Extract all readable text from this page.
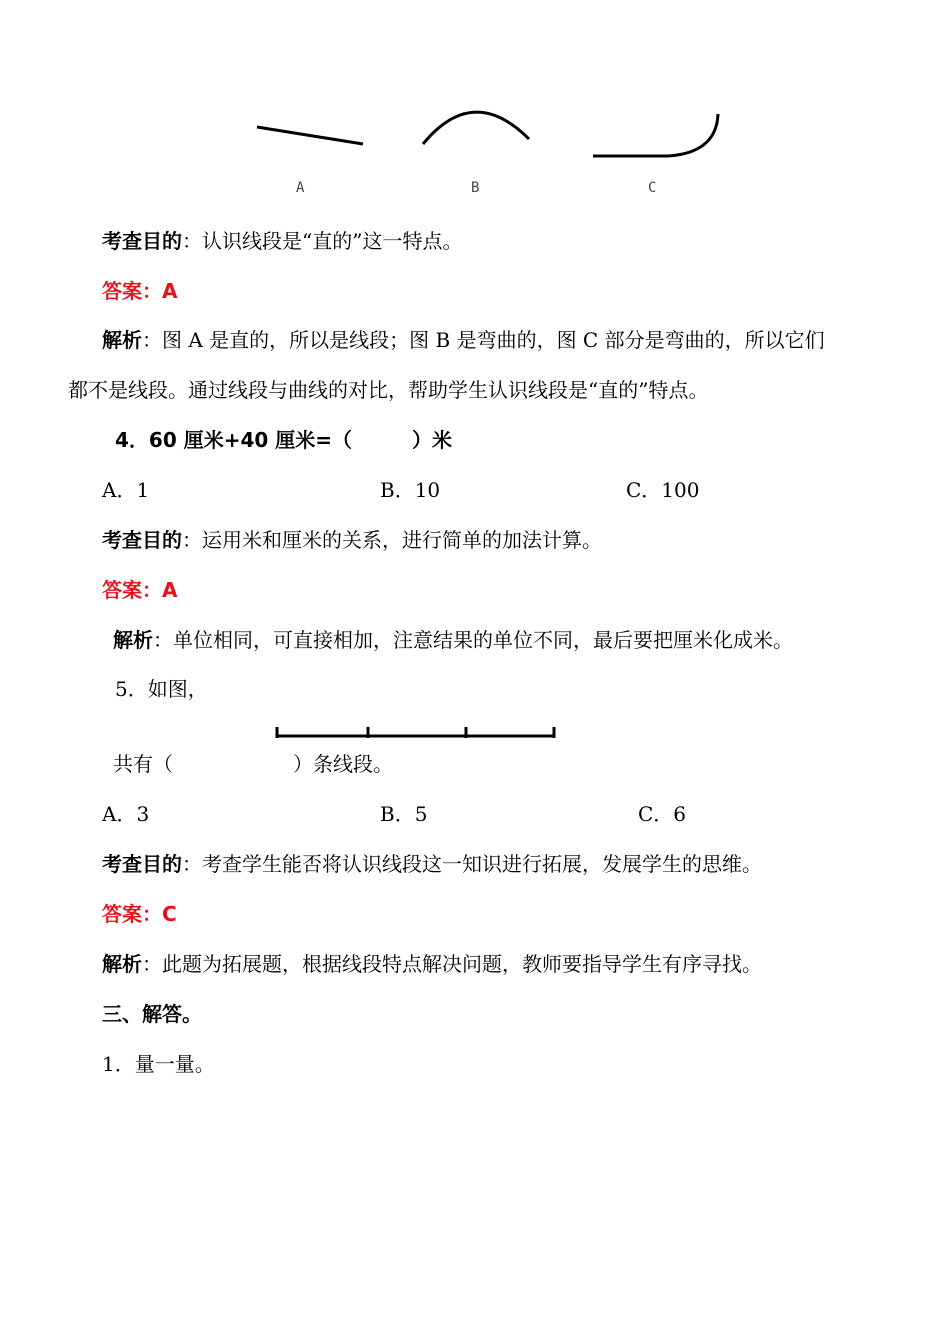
A	B	C
考查目的：认识线段是“直的”这一特点。
答案：A
解析：图 A 是直的，所以是线段；图 B 是弯曲的，图 C 部分是弯曲的，所以它们
都不是线段。通过线段与曲线的对比，帮助学生认识线段是“直的”特点。
4．60 厘米+40 厘米=（　　　）米
A．1	B．10	C．100
考查目的：运用米和厘米的关系，进行简单的加法计算。
答案：A
解析：单位相同，可直接相加，注意结果的单位不同，最后要把厘米化成米。
5．如图，
共有（	）条线段。
A．3	B．5	C．6
考查目的：考查学生能否将认识线段这一知识进行拓展，发展学生的思维。
答案：C
解析：此题为拓展题，根据线段特点解决问题，教师要指导学生有序寻找。
三、解答。
1．量一量。
